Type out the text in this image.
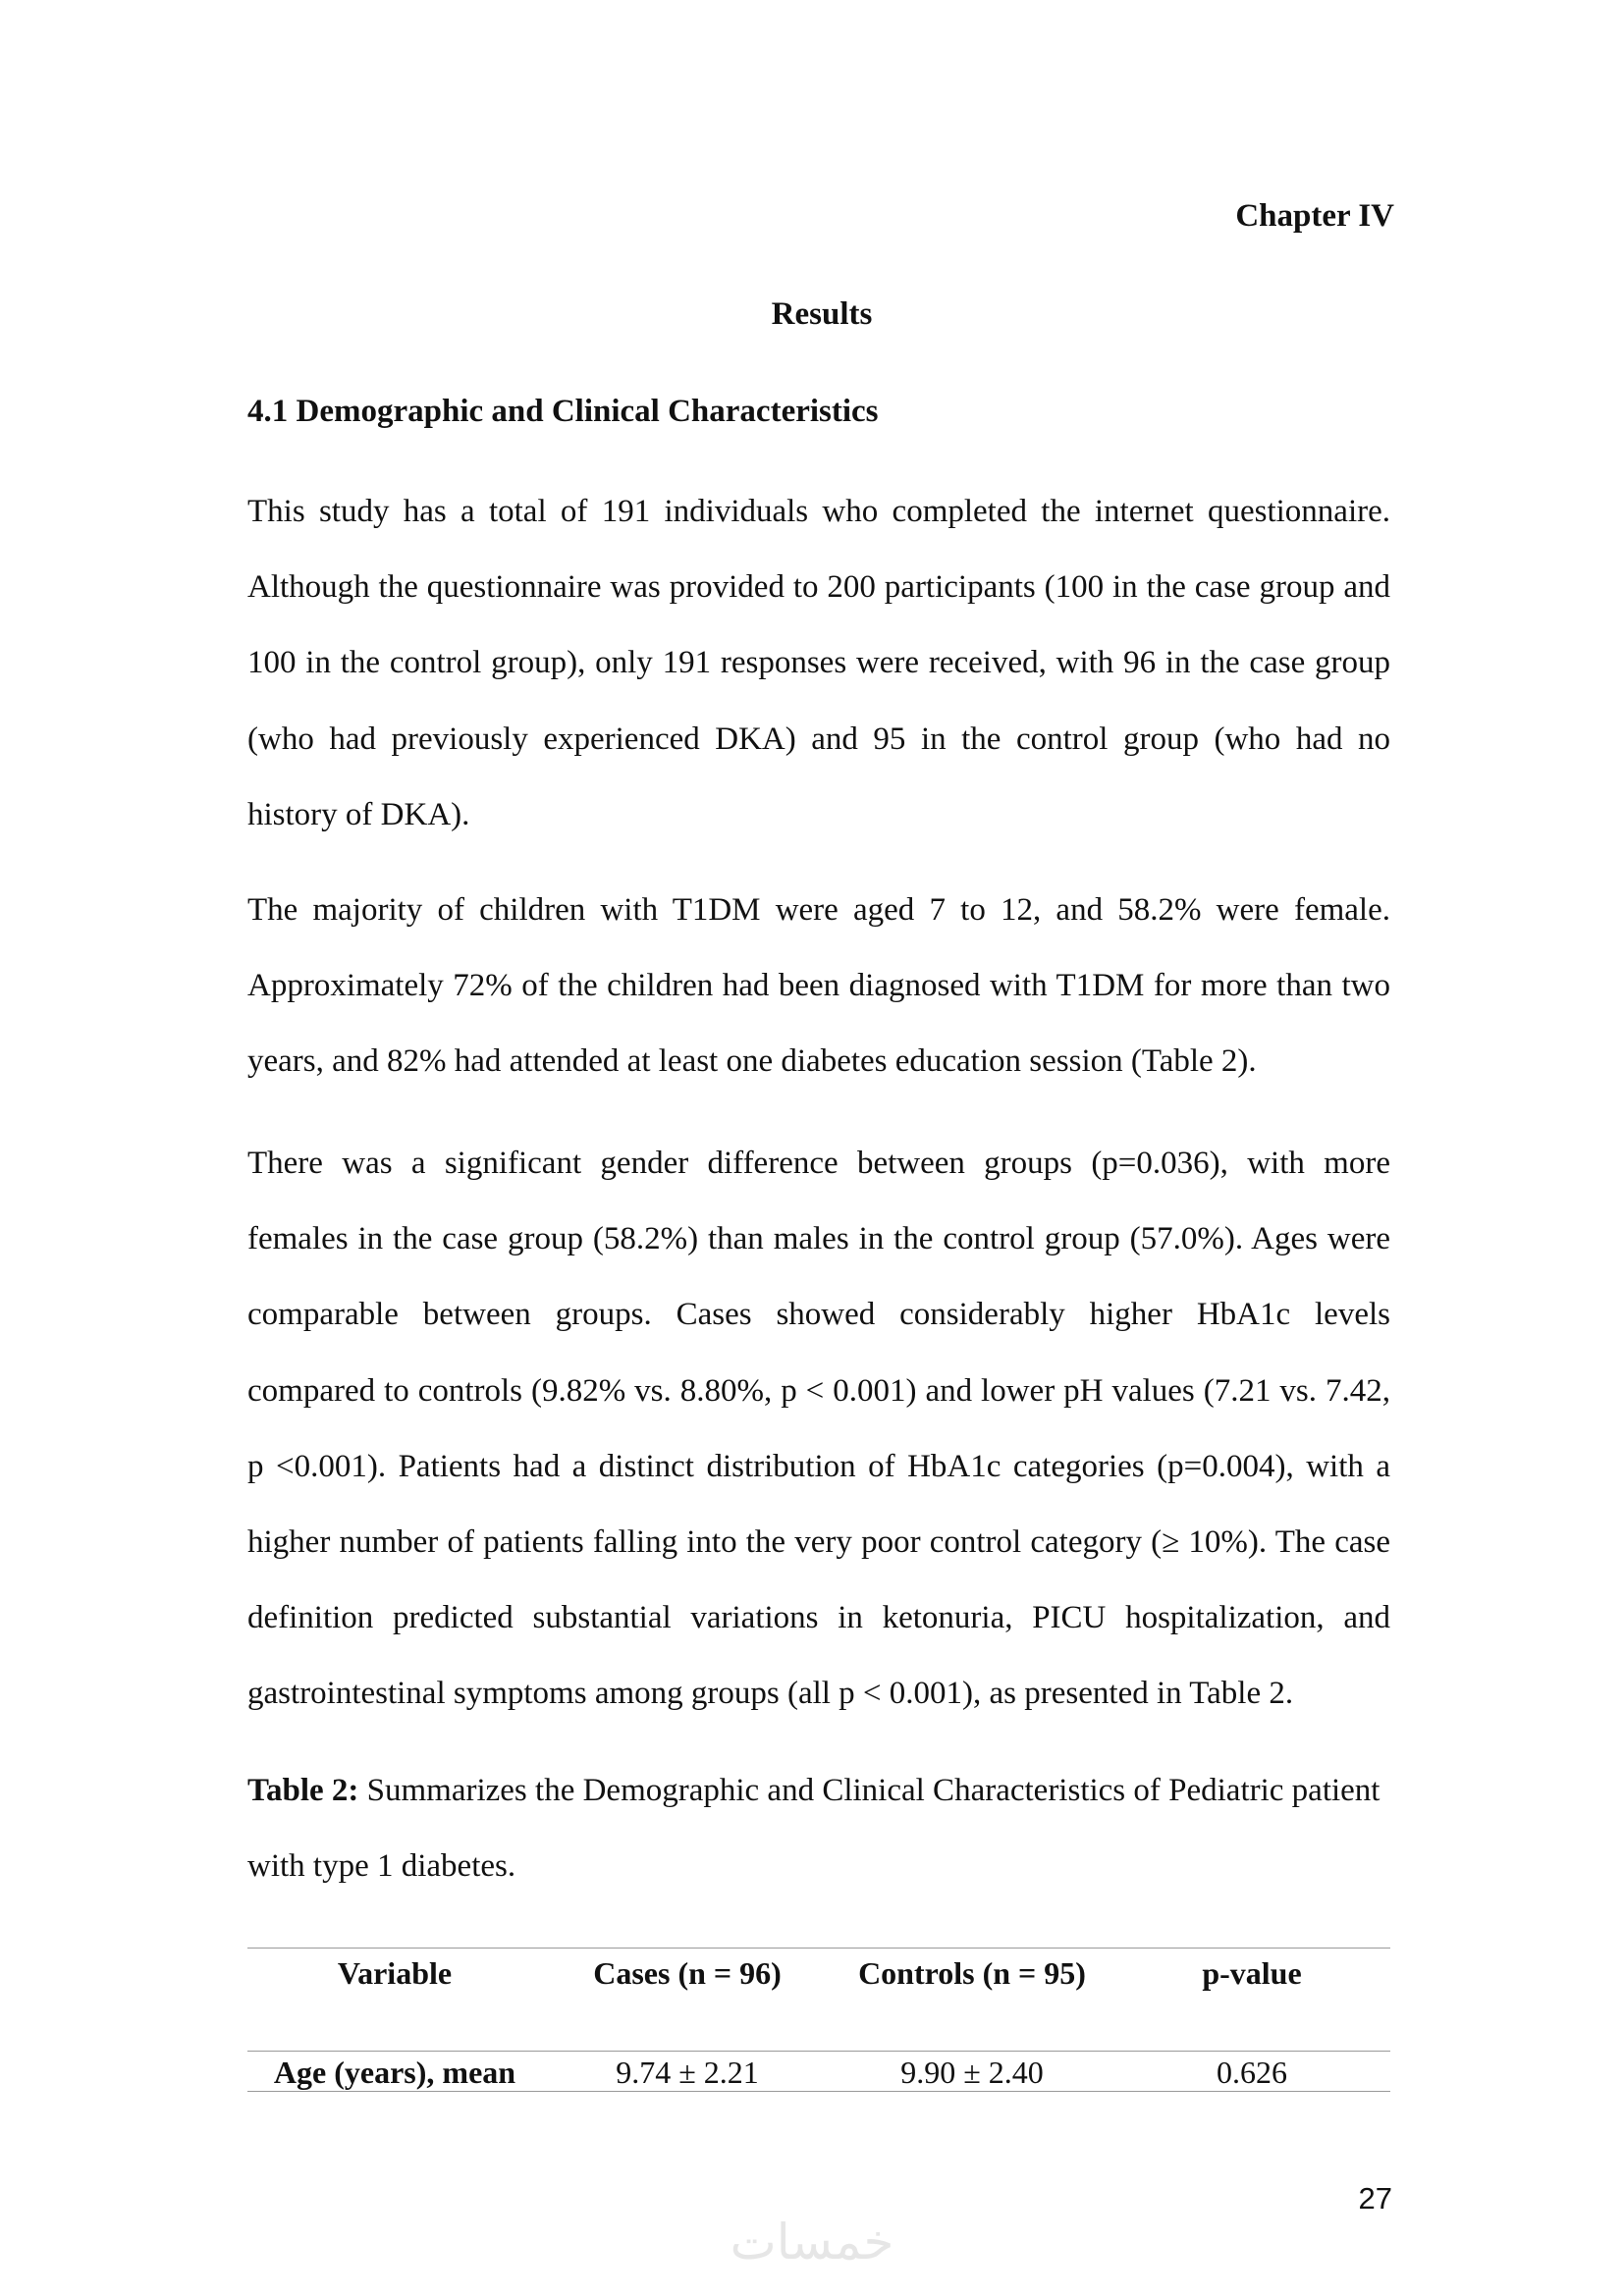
Chapter IV
Results
4.1 Demographic and Clinical Characteristics

This study has a total of 191 individuals who completed the internet questionnaire. Although the questionnaire was provided to 200 participants (100 in the case group and 100 in the control group), only 191 responses were received, with 96 in the case group (who had previously experienced DKA) and 95 in the control group (who had no history of DKA).

The majority of children with T1DM were aged 7 to 12, and 58.2% were female. Approximately 72% of the children had been diagnosed with T1DM for more than two years, and 82% had attended at least one diabetes education session (Table 2).

There was a significant gender difference between groups (p=0.036), with more females in the case group (58.2%) than males in the control group (57.0%). Ages were comparable between groups. Cases showed considerably higher HbA1c levels compared to controls (9.82% vs. 8.80%, p < 0.001) and lower pH values (7.21 vs. 7.42, p <0.001). Patients had a distinct distribution of HbA1c categories (p=0.004), with a higher number of patients falling into the very poor control category (≥ 10%). The case definition predicted substantial variations in ketonuria, PICU hospitalization, and gastrointestinal symptoms among groups (all p < 0.001), as presented in Table 2.

Table 2: Summarizes the Demographic and Clinical Characteristics of Pediatric patient with type 1 diabetes.

Variable	Cases (n = 96)	Controls (n = 95)	p-value
Age (years), mean	9.74 ± 2.21	9.90 ± 2.40	0.626
27
خمسات
